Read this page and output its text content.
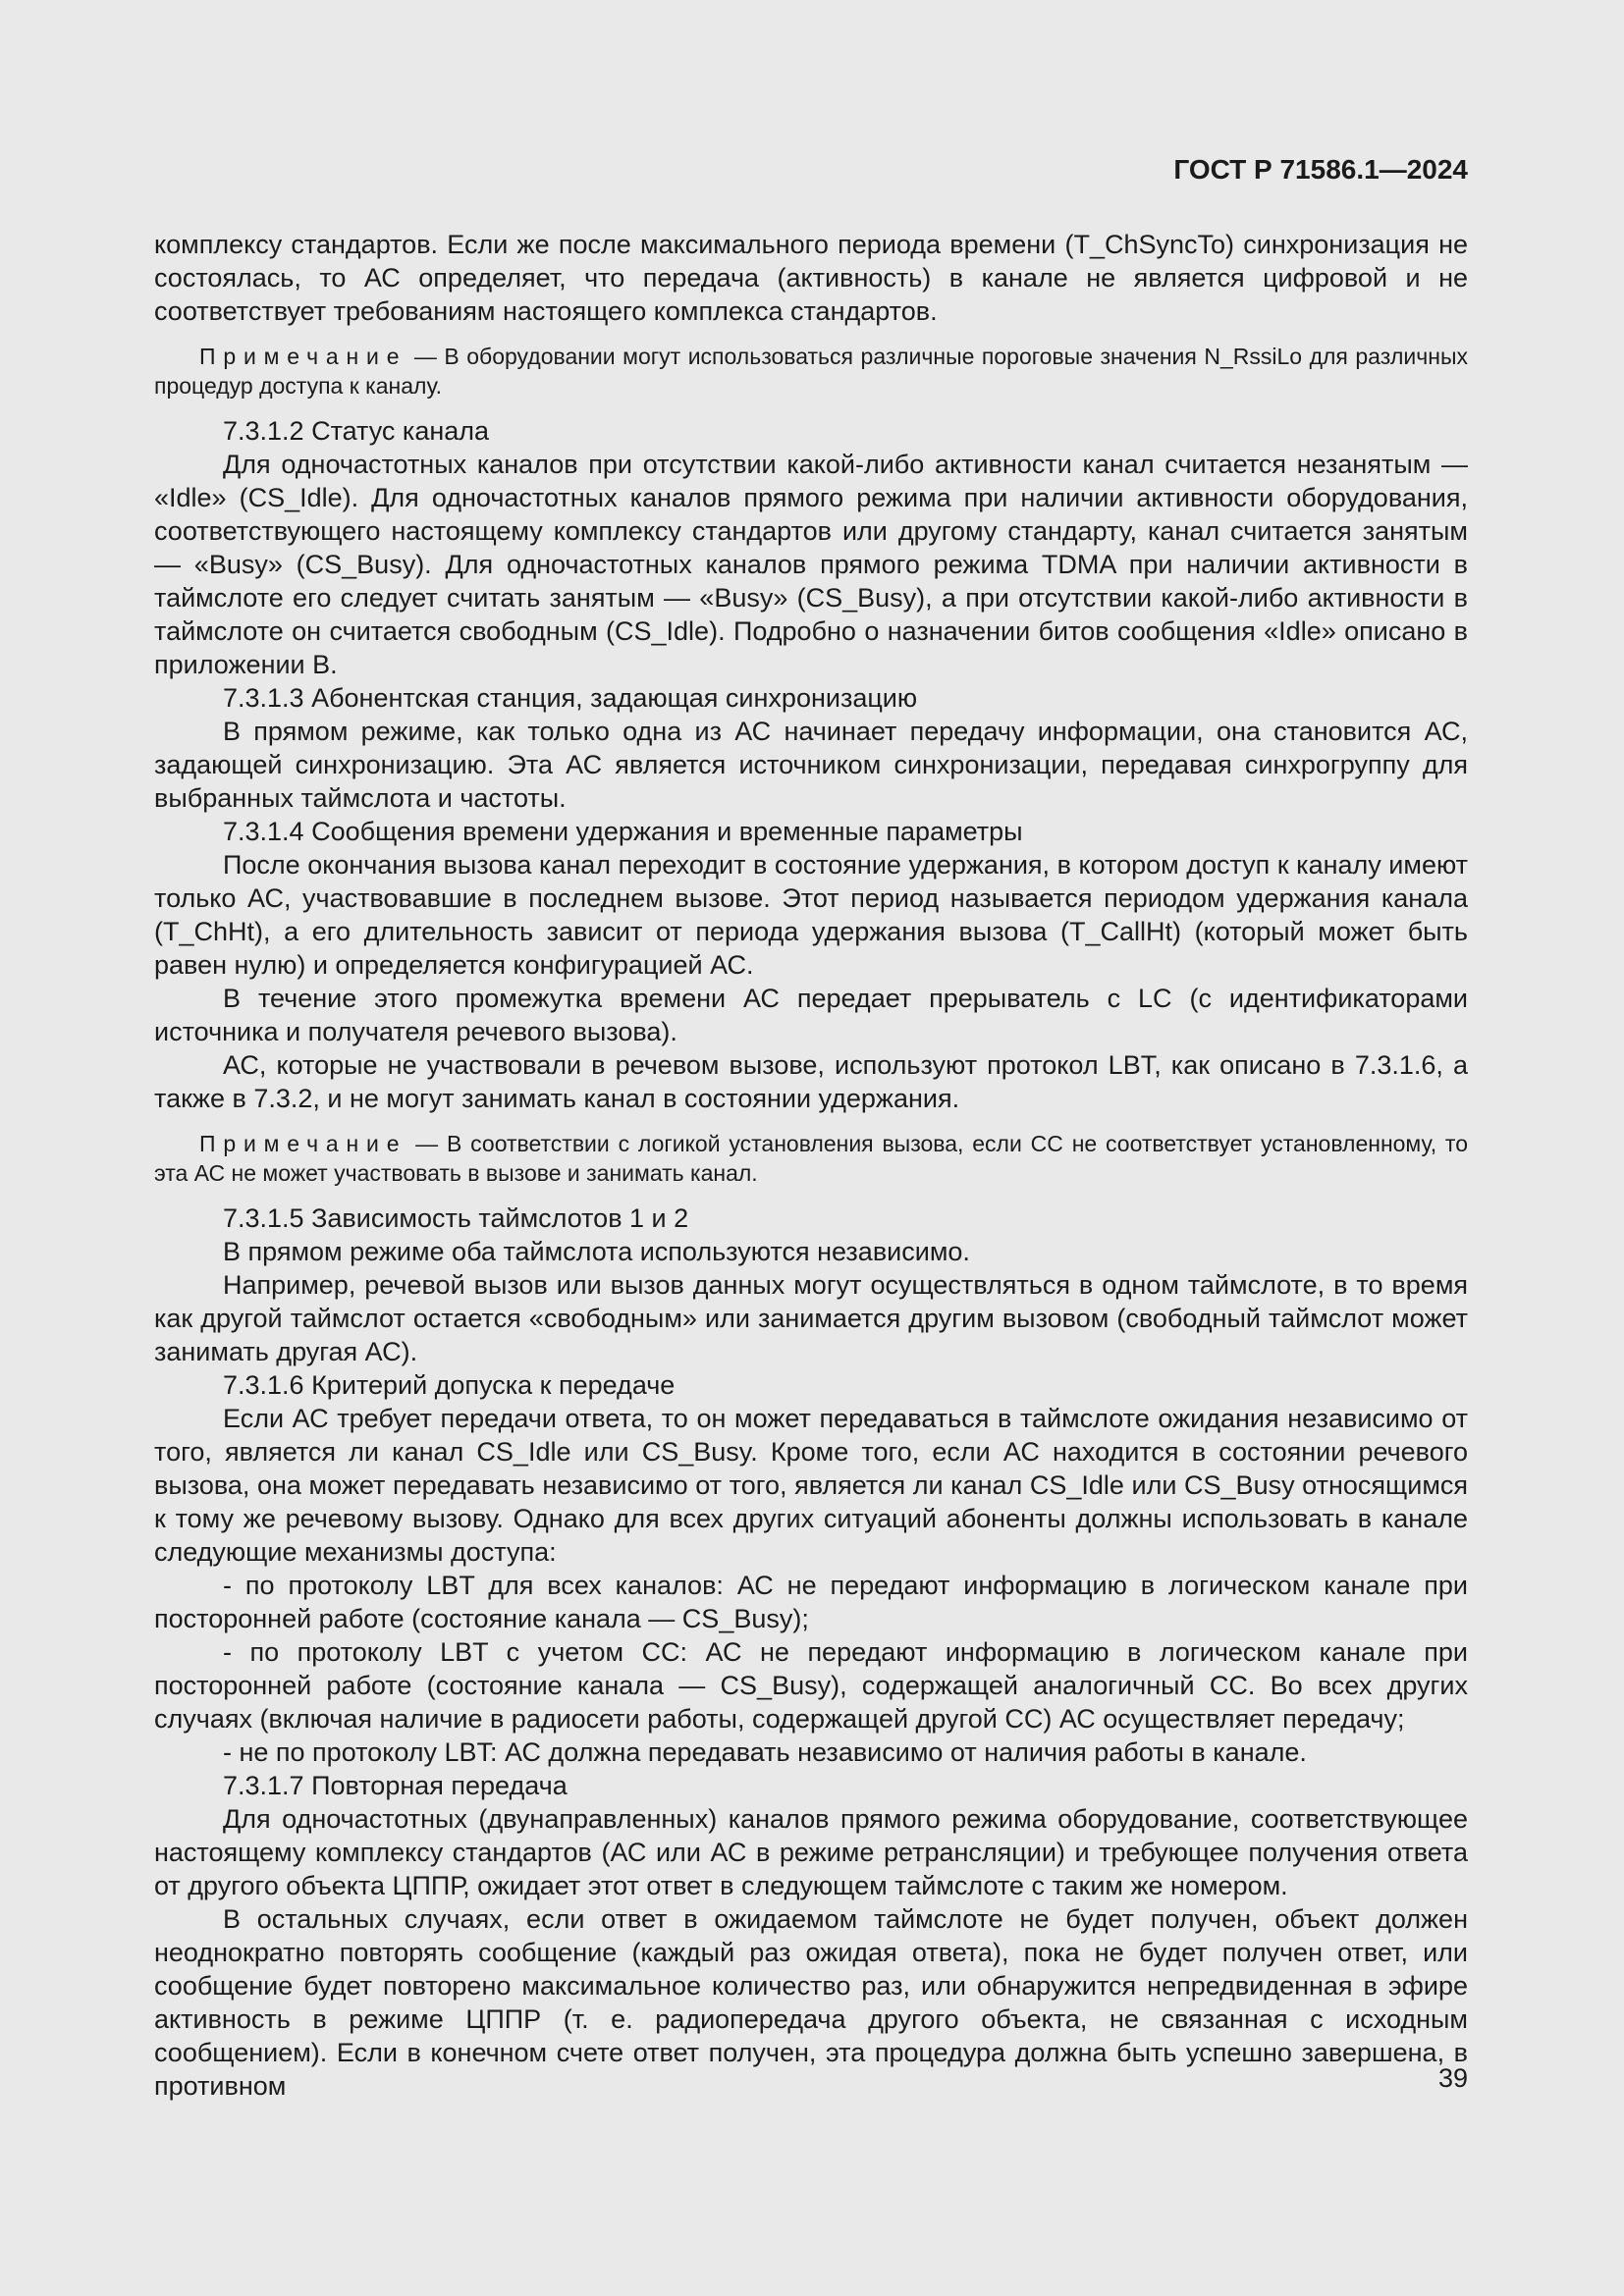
ГОСТ Р 71586.1—2024

комплексу стандартов. Если же после максимального периода времени (T_ChSyncTo) синхронизация не состоялась, то АС определяет, что передача (активность) в канале не является цифровой и не соответствует требованиям настоящего комплекса стандартов.

Примечание — В оборудовании могут использоваться различные пороговые значения N_RssiLo для различных процедур доступа к каналу.

7.3.1.2 Статус канала

Для одночастотных каналов при отсутствии какой-либо активности канал считается незанятым — «Idle» (CS_Idle). Для одночастотных каналов прямого режима при наличии активности оборудования, соответствующего настоящему комплексу стандартов или другому стандарту, канал считается занятым — «Busy» (CS_Busy). Для одночастотных каналов прямого режима TDMA при наличии активности в таймслоте его следует считать занятым — «Busy» (CS_Busy), а при отсутствии какой-либо активности в таймслоте он считается свободным (CS_Idle). Подробно о назначении битов сообщения «Idle» описано в приложении В.

7.3.1.3 Абонентская станция, задающая синхронизацию

В прямом режиме, как только одна из АС начинает передачу информации, она становится АС, задающей синхронизацию. Эта АС является источником синхронизации, передавая синхрогруппу для выбранных таймслота и частоты.

7.3.1.4 Сообщения времени удержания и временные параметры

После окончания вызова канал переходит в состояние удержания, в котором доступ к каналу имеют только АС, участвовавшие в последнем вызове. Этот период называется периодом удержания канала (T_ChHt), а его длительность зависит от периода удержания вызова (T_CallHt) (который может быть равен нулю) и определяется конфигурацией АС.

В течение этого промежутка времени АС передает прерыватель с LC (с идентификаторами источника и получателя речевого вызова).

АС, которые не участвовали в речевом вызове, используют протокол LBT, как описано в 7.3.1.6, а также в 7.3.2, и не могут занимать канал в состоянии удержания.

Примечание — В соответствии с логикой установления вызова, если СС не соответствует установленному, то эта АС не может участвовать в вызове и занимать канал.

7.3.1.5 Зависимость таймслотов 1 и 2

В прямом режиме оба таймслота используются независимо.

Например, речевой вызов или вызов данных могут осуществляться в одном таймслоте, в то время как другой таймслот остается «свободным» или занимается другим вызовом (свободный таймслот может занимать другая АС).

7.3.1.6 Критерий допуска к передаче

Если АС требует передачи ответа, то он может передаваться в таймслоте ожидания независимо от того, является ли канал CS_Idle или CS_Busy. Кроме того, если АС находится в состоянии речевого вызова, она может передавать независимо от того, является ли канал CS_Idle или CS_Busy относящимся к тому же речевому вызову. Однако для всех других ситуаций абоненты должны использовать в канале следующие механизмы доступа:

- по протоколу LBT для всех каналов: АС не передают информацию в логическом канале при посторонней работе (состояние канала — CS_Busy);

- по протоколу LBT с учетом СС: АС не передают информацию в логическом канале при посторонней работе (состояние канала — CS_Busy), содержащей аналогичный СС. Во всех других случаях (включая наличие в радиосети работы, содержащей другой СС) АС осуществляет передачу;

- не по протоколу LBT: АС должна передавать независимо от наличия работы в канале.

7.3.1.7 Повторная передача

Для одночастотных (двунаправленных) каналов прямого режима оборудование, соответствующее настоящему комплексу стандартов (АС или АС в режиме ретрансляции) и требующее получения ответа от другого объекта ЦППР, ожидает этот ответ в следующем таймслоте с таким же номером.

В остальных случаях, если ответ в ожидаемом таймслоте не будет получен, объект должен неоднократно повторять сообщение (каждый раз ожидая ответа), пока не будет получен ответ, или сообщение будет повторено максимальное количество раз, или обнаружится непредвиденная в эфире активность в режиме ЦППР (т. е. радиопередача другого объекта, не связанная с исходным сообщением). Если в конечном счете ответ получен, эта процедура должна быть успешно завершена, в противном	39
